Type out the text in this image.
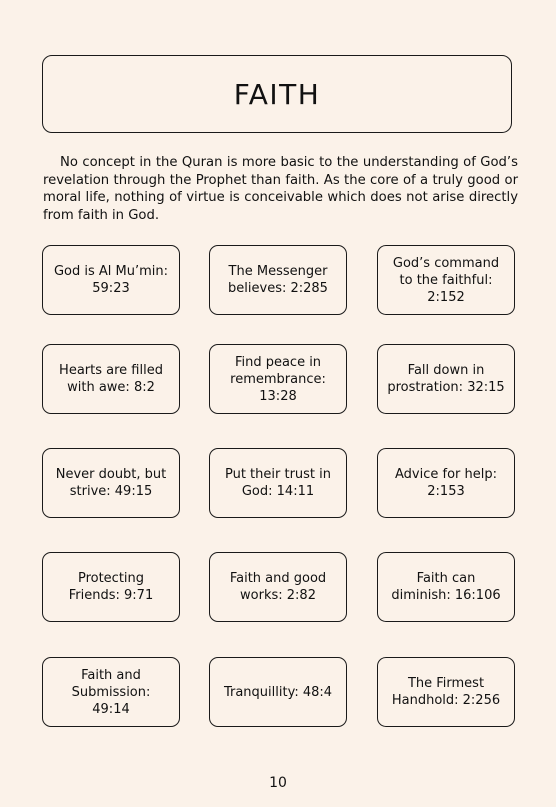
FAITH

No concept in the Quran is more basic to the understanding of God’s revelation through the Prophet than faith. As the core of a truly good or moral life, nothing of virtue is conceivable which does not arise directly from faith in God.

God is Al Mu’min: 59:23
The Messenger believes: 2:285
God’s command to the faithful: 2:152
Hearts are filled with awe: 8:2
Find peace in remembrance: 13:28
Fall down in prostration: 32:15
Never doubt, but strive: 49:15
Put their trust in God: 14:11
Advice for help: 2:153
Protecting Friends: 9:71
Faith and good works: 2:82
Faith can diminish: 16:106
Faith and Submission: 49:14
Tranquillity: 48:4
The Firmest Handhold: 2:256
10
